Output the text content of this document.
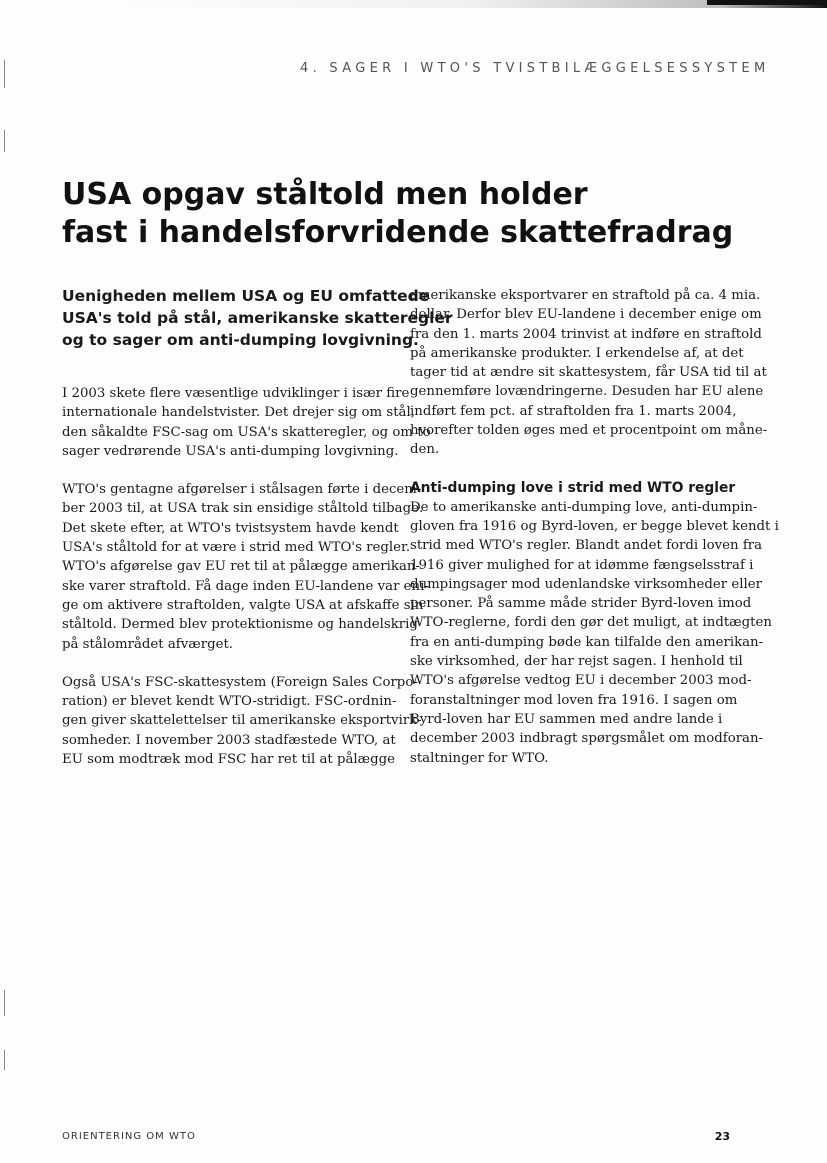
4. SAGER I WTO'S TVISTBILÆGGELSESSYSTEM
USA opgav ståltold men holder
fast i handelsforvridende skattefradrag
Uenigheden mellem USA og EU omfattede
USA's told på stål, amerikanske skatteregler
og to sager om anti-dumping lovgivning.

I 2003 skete flere væsentlige udviklinger i især fire
internationale handelstvister. Det drejer sig om stål,
den såkaldte FSC-sag om USA's skatteregler, og om to
sager vedrørende USA's anti-dumping lovgivning.

WTO's gentagne afgørelser i stålsagen førte i decem-
ber 2003 til, at USA trak sin ensidige ståltold tilbage.
Det skete efter, at WTO's tvistsystem havde kendt
USA's ståltold for at være i strid med WTO's regler.
WTO's afgørelse gav EU ret til at pålægge amerikan-
ske varer straftold. Få dage inden EU-landene var eni-
ge om aktivere straftolden, valgte USA at afskaffe sin
ståltold. Dermed blev protektionisme og handelskrig
på stålområdet afværget.

Også USA's FSC-skattesystem (Foreign Sales Corpo-
ration) er blevet kendt WTO-stridigt. FSC-ordnin-
gen giver skattelettelser til amerikanske eksportvirk-
somheder. I november 2003 stadfæstede WTO, at
EU som modtræk mod FSC har ret til at pålægge

amerikanske eksportvarer en straftold på ca. 4 mia.
dollar. Derfor blev EU-landene i december enige om
fra den 1. marts 2004 trinvist at indføre en straftold
på amerikanske produkter. I erkendelse af, at det
tager tid at ændre sit skattesystem, får USA tid til at
gennemføre lovændringerne. Desuden har EU alene
indført fem pct. af straftolden fra 1. marts 2004,
hvorefter tolden øges med et procentpoint om måne-
den.

Anti-dumping love i strid med WTO regler

De to amerikanske anti-dumping love, anti-dumpin-
gloven fra 1916 og Byrd-loven, er begge blevet kendt i
strid med WTO's regler. Blandt andet fordi loven fra
1916 giver mulighed for at idømme fængselsstraf i
dumpingsager mod udenlandske virksomheder eller
personer. På samme måde strider Byrd-loven imod
WTO-reglerne, fordi den gør det muligt, at indtægten
fra en anti-dumping bøde kan tilfalde den amerikan-
ske virksomhed, der har rejst sagen. I henhold til
WTO's afgørelse vedtog EU i december 2003 mod-
foranstaltninger mod loven fra 1916. I sagen om
Byrd-loven har EU sammen med andre lande i
december 2003 indbragt spørgsmålet om modforan-
staltninger for WTO.

ORIENTERING OM WTO	23
